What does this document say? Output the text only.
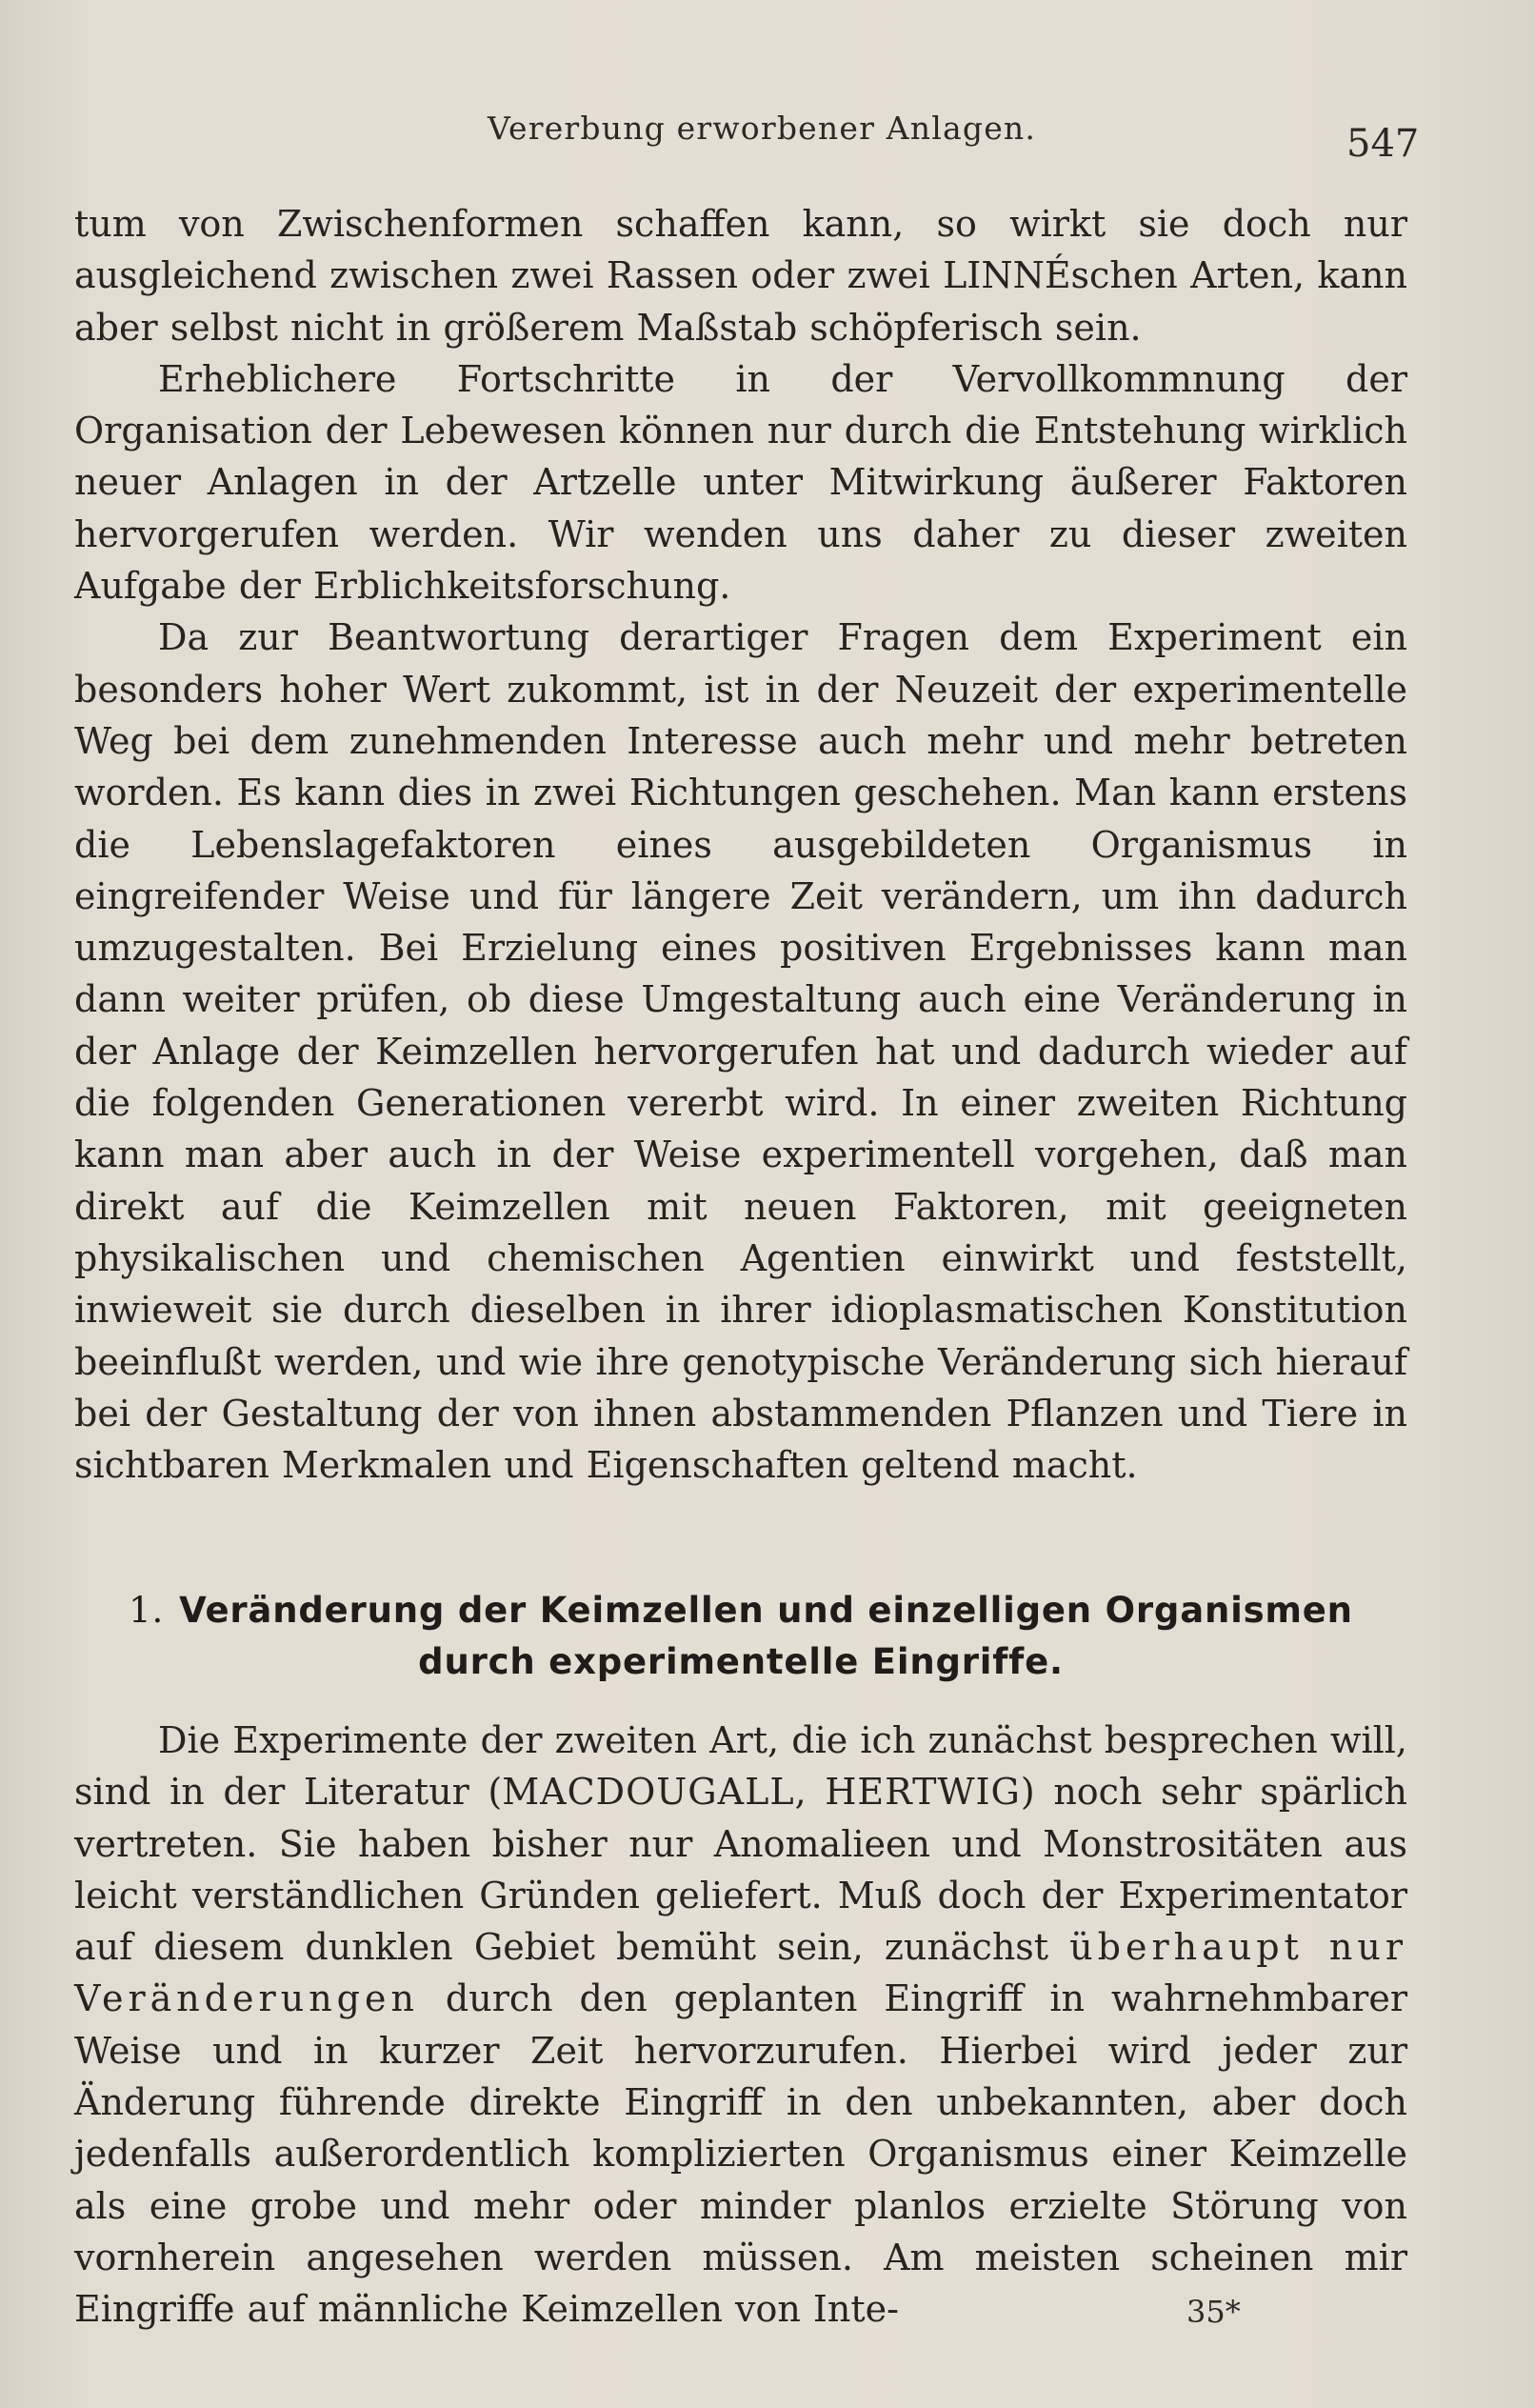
Vererbung erworbener Anlagen.	547

tum von Zwischenformen schaffen kann, so wirkt sie doch nur ausgleichend zwischen zwei Rassen oder zwei LINNÉschen Arten, kann aber selbst nicht in größerem Maßstab schöpferisch sein.

Erheblichere Fortschritte in der Vervollkommnung der Organisation der Lebewesen können nur durch die Entstehung wirklich neuer Anlagen in der Artzelle unter Mitwirkung äußerer Faktoren hervorgerufen werden. Wir wenden uns daher zu dieser zweiten Aufgabe der Erblichkeitsforschung.

Da zur Beantwortung derartiger Fragen dem Experiment ein besonders hoher Wert zukommt, ist in der Neuzeit der experimentelle Weg bei dem zunehmenden Interesse auch mehr und mehr betreten worden. Es kann dies in zwei Richtungen geschehen. Man kann erstens die Lebenslagefaktoren eines ausgebildeten Organismus in eingreifender Weise und für längere Zeit verändern, um ihn dadurch umzugestalten. Bei Erzielung eines positiven Ergebnisses kann man dann weiter prüfen, ob diese Umgestaltung auch eine Veränderung in der Anlage der Keimzellen hervorgerufen hat und dadurch wieder auf die folgenden Generationen vererbt wird. In einer zweiten Richtung kann man aber auch in der Weise experimentell vorgehen, daß man direkt auf die Keimzellen mit neuen Faktoren, mit geeigneten physikalischen und chemischen Agentien einwirkt und feststellt, inwieweit sie durch dieselben in ihrer idioplasmatischen Konstitution beeinflußt werden, und wie ihre genotypische Veränderung sich hierauf bei der Gestaltung der von ihnen abstammenden Pflanzen und Tiere in sichtbaren Merkmalen und Eigenschaften geltend macht.

1. Veränderung der Keimzellen und einzelligen Organismen
durch experimentelle Eingriffe.

Die Experimente der zweiten Art, die ich zunächst besprechen will, sind in der Literatur (MACDOUGALL, HERTWIG) noch sehr spärlich vertreten. Sie haben bisher nur Anomalieen und Monstrositäten aus leicht verständlichen Gründen geliefert. Muß doch der Experimentator auf diesem dunklen Gebiet bemüht sein, zunächst überhaupt nur Veränderungen durch den geplanten Eingriff in wahrnehmbarer Weise und in kurzer Zeit hervorzurufen. Hierbei wird jeder zur Änderung führende direkte Eingriff in den unbekannten, aber doch jedenfalls außerordentlich komplizierten Organismus einer Keimzelle als eine grobe und mehr oder minder planlos erzielte Störung von vornherein angesehen werden müssen. Am meisten scheinen mir Eingriffe auf männliche Keimzellen von Inte-	35*
